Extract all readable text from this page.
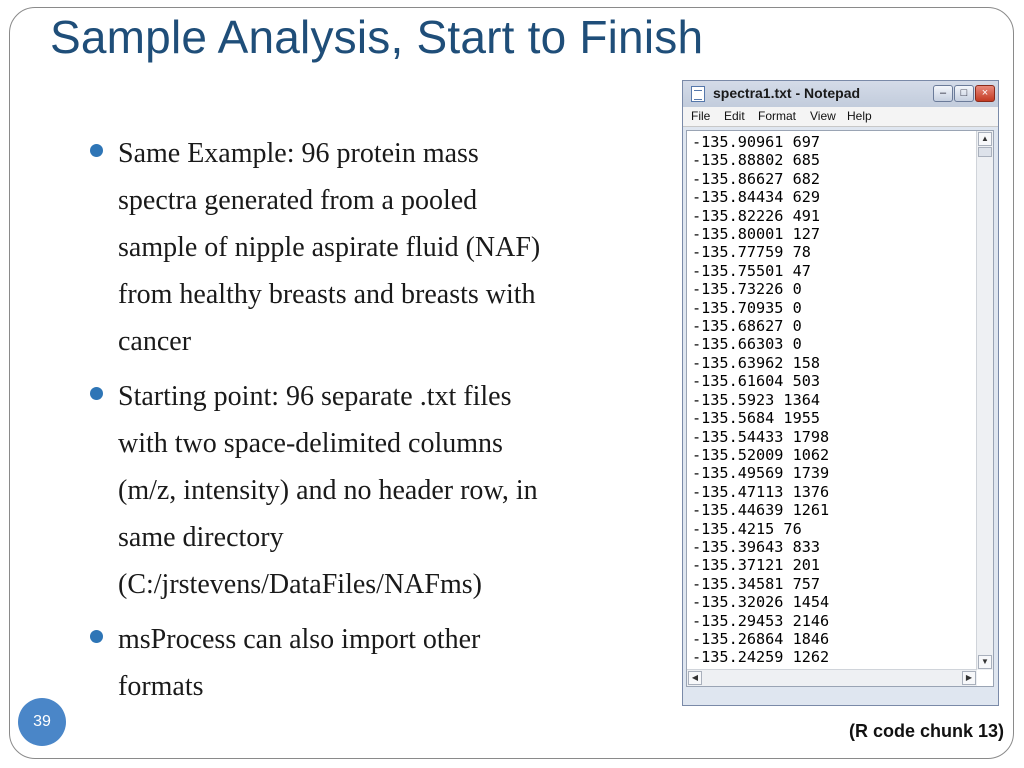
Sample Analysis, Start to Finish
Same Example: 96 protein mass
spectra generated from a pooled
sample of nipple aspirate fluid (NAF)
from healthy breasts and breasts with
cancer
Starting point: 96 separate .txt files
with two space-delimited columns
(m/z, intensity) and no header row, in
same directory
(C:/jrstevens/DataFiles/NAFms)
msProcess can also import other
formats
spectra1.txt - Notepad	–	□	×
File Edit Format View Help
-135.90961 697
-135.88802 685
-135.86627 682
-135.84434 629
-135.82226 491
-135.80001 127
-135.77759 78
-135.75501 47
-135.73226 0
-135.70935 0
-135.68627 0
-135.66303 0
-135.63962 158
-135.61604 503
-135.5923 1364
-135.5684 1955
-135.54433 1798
-135.52009 1062
-135.49569 1739
-135.47113 1376
-135.44639 1261
-135.4215 76
-135.39643 833
-135.37121 201
-135.34581 757
-135.32026 1454
-135.29453 2146
-135.26864 1846
-135.24259 1262
▲
▼
◀	▶
39	(R code chunk 13)
